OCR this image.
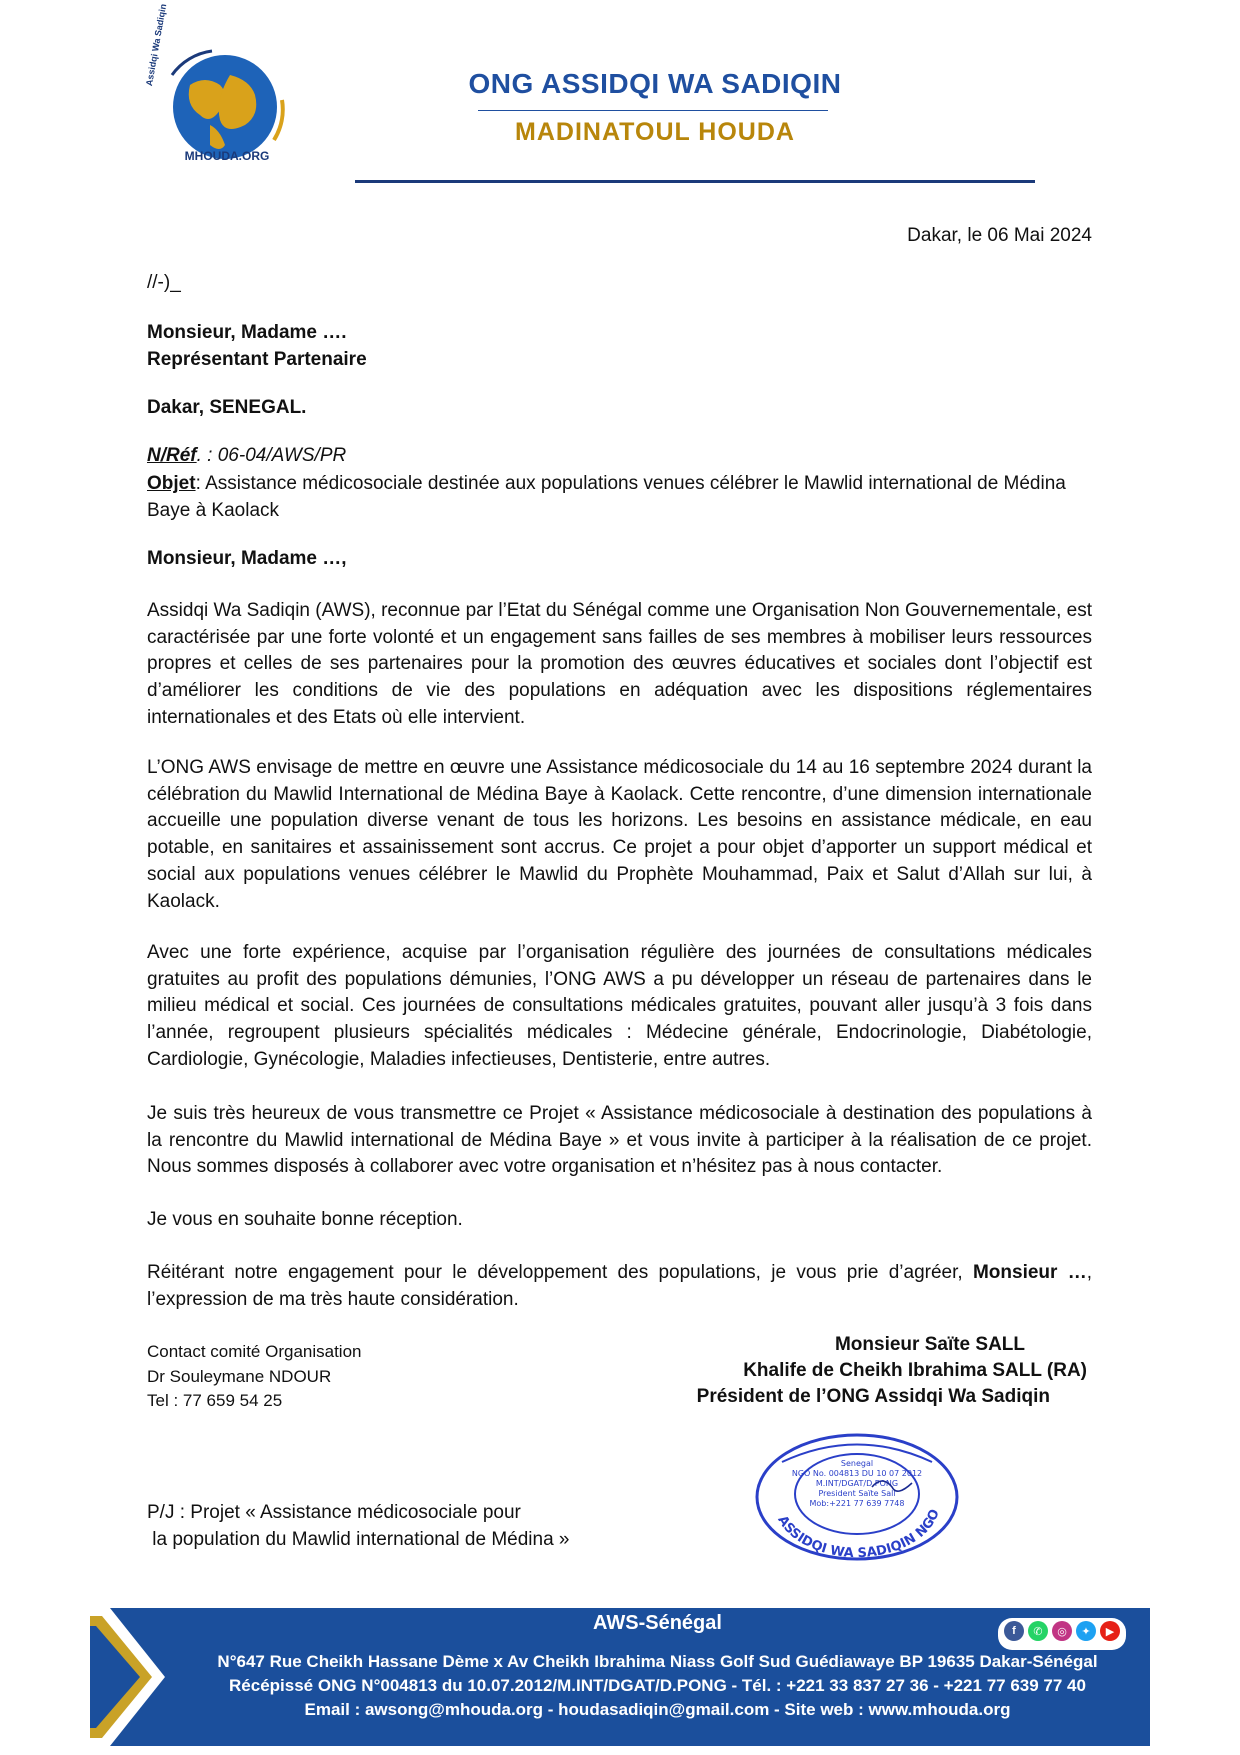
Assidqi Wa Sadiqin
MHOUDA.ORG
ONG ASSIDQI WA SADIQIN
MADINATOUL HOUDA
Dakar, le 06 Mai 2024
//-)_
Monsieur, Madame ….
Représentant Partenaire
Dakar, SENEGAL.
N/Réf. : 06-04/AWS/PR
Objet: Assistance médicosociale destinée aux populations venues célébrer le Mawlid international de Médina Baye à Kaolack
Monsieur, Madame …,
Assidqi Wa Sadiqin (AWS), reconnue par l’Etat du Sénégal comme une Organisation Non Gouvernementale, est caractérisée par une forte volonté et un engagement sans failles de ses membres à mobiliser leurs ressources propres et celles de ses partenaires pour la promotion des œuvres éducatives et sociales dont l’objectif est d’améliorer les conditions de vie des populations en adéquation avec les dispositions réglementaires internationales et des Etats où elle intervient.
L’ONG AWS envisage de mettre en œuvre une Assistance médicosociale du 14 au 16 septembre 2024 durant la célébration du Mawlid International de Médina Baye à Kaolack. Cette rencontre, d’une dimension internationale accueille une population diverse venant de tous les horizons. Les besoins en assistance médicale, en eau potable, en sanitaires et assainissement sont accrus. Ce projet a pour objet d’apporter un support médical et social aux populations venues célébrer le Mawlid du Prophète Mouhammad, Paix et Salut d’Allah sur lui, à Kaolack.
Avec une forte expérience, acquise par l’organisation régulière des journées de consultations médicales gratuites au profit des populations démunies, l’ONG AWS a pu développer un réseau de partenaires dans le milieu médical et social. Ces journées de consultations médicales gratuites, pouvant aller jusqu’à 3 fois dans l’année, regroupent plusieurs spécialités médicales : Médecine générale, Endocrinologie, Diabétologie, Cardiologie, Gynécologie, Maladies infectieuses, Dentisterie, entre autres.
Je suis très heureux de vous transmettre ce Projet « Assistance médicosociale à destination des populations à la rencontre du Mawlid international de Médina Baye » et vous invite à participer à la réalisation de ce projet. Nous sommes disposés à collaborer avec votre organisation et n’hésitez pas à nous contacter.
Je vous en souhaite bonne réception.
Réitérant notre engagement pour le développement des populations, je vous prie d’agréer, Monsieur …, l’expression de ma très haute considération.
Contact comité Organisation
Dr Souleymane NDOUR
Tel : 77 659 54 25
Monsieur Saïte SALL
Khalife de Cheikh Ibrahima SALL (RA)
Président de l’ONG Assidqi Wa Sadiqin
ASSIDQI WA SADIQIN NGO
Senegal
NGO No. 004813 DU 10 07 2012
M.INT/DGAT/D.PONG
President Saïte Sall
Mob:+221 77 639 7748
P/J : Projet « Assistance médicosociale pour
la population du Mawlid international de Médina »
AWS-Sénégal	f	✆	◎	✦	▶
N°647 Rue Cheikh Hassane Dème x Av Cheikh Ibrahima Niass Golf Sud Guédiawaye BP 19635 Dakar-Sénégal
Récépissé ONG N°004813 du 10.07.2012/M.INT/DGAT/D.PONG - Tél. : +221 33 837 27 36 - +221 77 639 77 40
Email : awsong@mhouda.org - houdasadiqin@gmail.com - Site web : www.mhouda.org
